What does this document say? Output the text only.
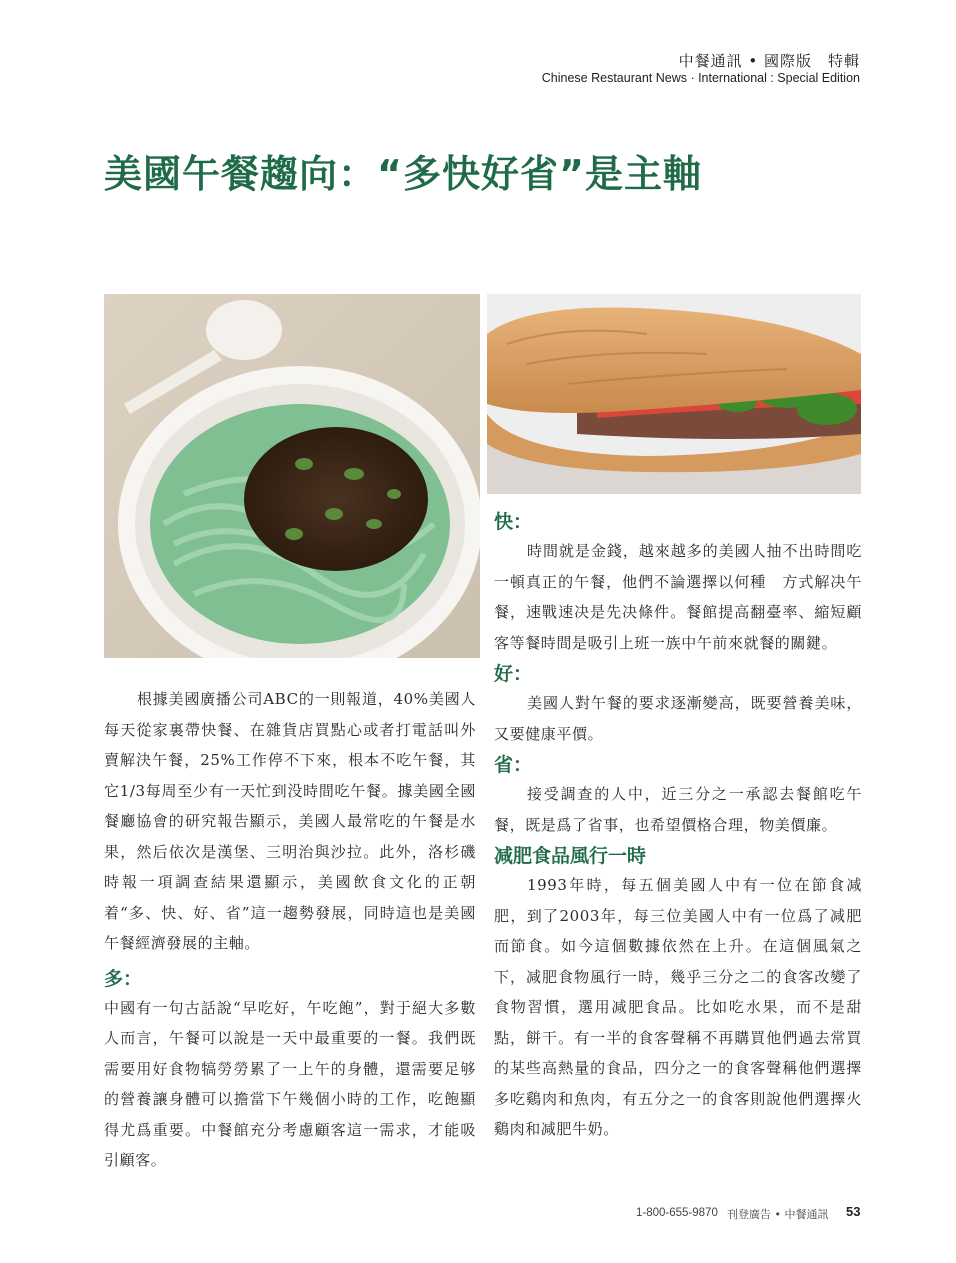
中餐通訊 • 國際版　特輯
Chinese Restaurant News · International : Special Edition
美國午餐趨向：“多快好省”是主軸

根據美國廣播公司ABC的一則報道，40%美國人每天從家裏帶快餐、在雜貨店買點心或者打電話叫外賣解決午餐，25%工作停不下來，根本不吃午餐，其它1/3每周至少有一天忙到没時間吃午餐。據美國全國餐廳協會的研究報告顯示，美國人最常吃的午餐是水果，然后依次是漢堡、三明治與沙拉。此外，洛杉磯時報一項調查結果還顯示，美國飲食文化的正朝着“多、快、好、省”這一趨勢發展，同時這也是美國午餐經濟發展的主軸。

多：

中國有一句古話說“早吃好，午吃飽”，對于絕大多數人而言，午餐可以說是一天中最重要的一餐。我們既需要用好食物犒勞勞累了一上午的身體，還需要足够的營養讓身體可以擔當下午幾個小時的工作，吃飽顯得尤爲重要。中餐館充分考慮顧客這一需求，才能吸引顧客。

快：

時間就是金錢，越來越多的美國人抽不出時間吃一頓真正的午餐，他們不論選擇以何種　方式解决午餐，速戰速决是先决條件。餐館提高翻臺率、縮短顧客等餐時間是吸引上班一族中午前來就餐的關鍵。

好：

美國人對午餐的要求逐漸變高，既要營養美味，又要健康平價。

省：

接受調查的人中，近三分之一承認去餐館吃午餐，既是爲了省事，也希望價格合理，物美價廉。

减肥食品風行一時

1993年時，每五個美國人中有一位在節食减肥，到了2003年，每三位美國人中有一位爲了减肥而節食。如今這個數據依然在上升。在這個風氣之下，减肥食物風行一時，幾乎三分之二的食客改變了食物習慣，選用减肥食品。比如吃水果，而不是甜點，餅干。有一半的食客聲稱不再購買他們過去常買的某些高熱量的食品，四分之一的食客聲稱他們選擇多吃鷄肉和魚肉，有五分之一的食客則說他們選擇火鷄肉和减肥牛奶。

1-800-655-9870 刊登廣告 • 中餐通訊 53
